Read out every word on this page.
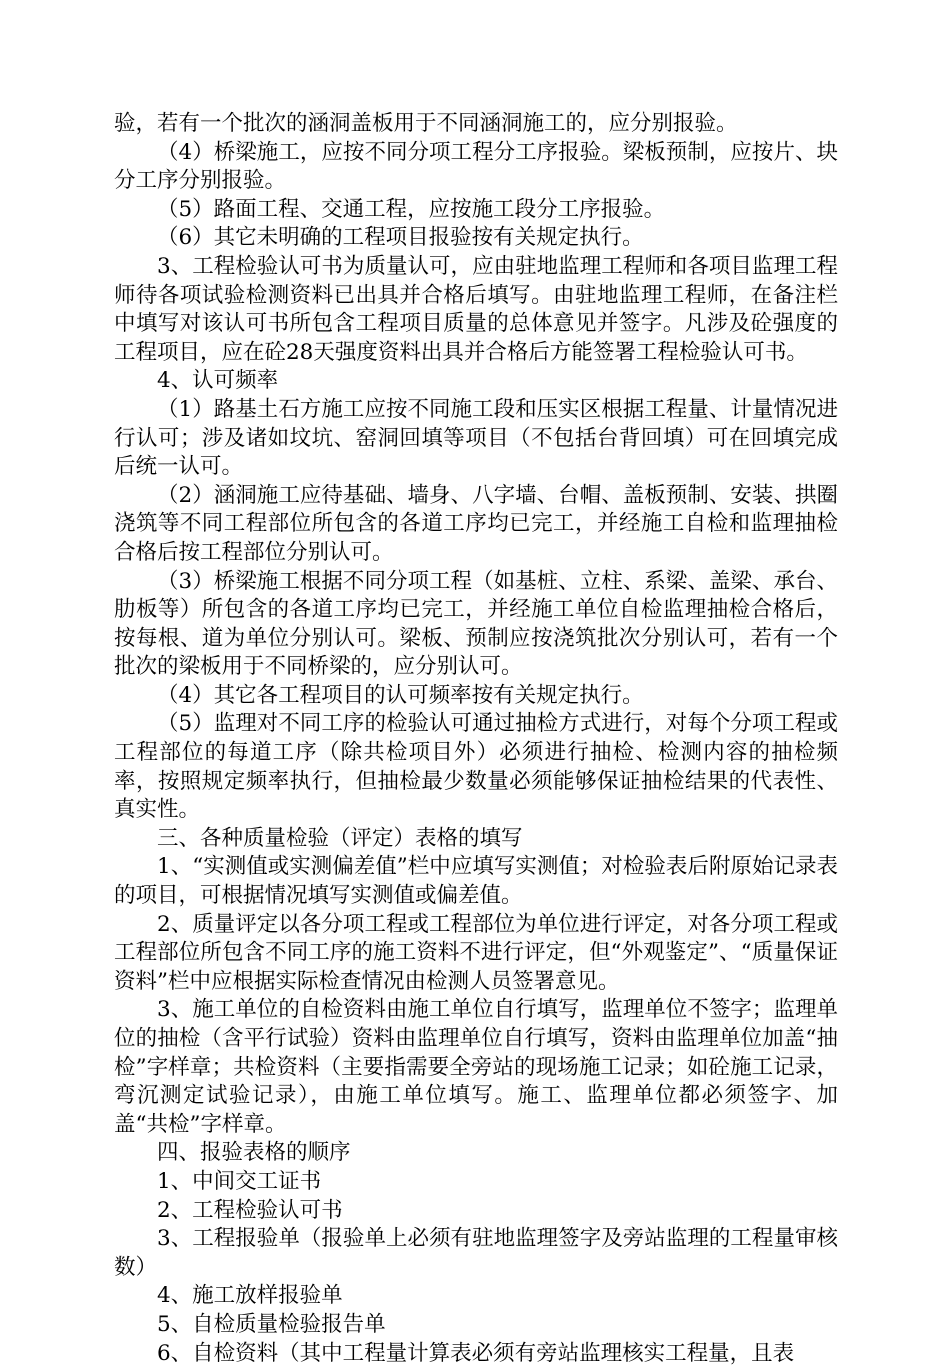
验，若有一个批次的涵洞盖板用于不同涵洞施工的，应分别报验。

（4）桥梁施工，应按不同分项工程分工序报验。梁板预制，应按片、块分工序分别报验。

（5）路面工程、交通工程，应按施工段分工序报验。

（6）其它未明确的工程项目报验按有关规定执行。

3、工程检验认可书为质量认可，应由驻地监理工程师和各项目监理工程师待各项试验检测资料已出具并合格后填写。由驻地监理工程师，在备注栏中填写对该认可书所包含工程项目质量的总体意见并签字。凡涉及砼强度的工程项目，应在砼28天强度资料出具并合格后方能签署工程检验认可书。

4、认可频率

（1）路基土石方施工应按不同施工段和压实区根据工程量、计量情况进行认可；涉及诸如坟坑、窑洞回填等项目（不包括台背回填）可在回填完成后统一认可。

（2）涵洞施工应待基础、墙身、八字墙、台帽、盖板预制、安装、拱圈浇筑等不同工程部位所包含的各道工序均已完工，并经施工自检和监理抽检合格后按工程部位分别认可。

（3）桥梁施工根据不同分项工程（如基桩、立柱、系梁、盖梁、承台、肋板等）所包含的各道工序均已完工，并经施工单位自检监理抽检合格后，按每根、道为单位分别认可。梁板、预制应按浇筑批次分别认可，若有一个批次的梁板用于不同桥梁的，应分别认可。

（4）其它各工程项目的认可频率按有关规定执行。

（5）监理对不同工序的检验认可通过抽检方式进行，对每个分项工程或工程部位的每道工序（除共检项目外）必须进行抽检、检测内容的抽检频率，按照规定频率执行，但抽检最少数量必须能够保证抽检结果的代表性、真实性。

三、各种质量检验（评定）表格的填写

1、“实测值或实测偏差值”栏中应填写实测值；对检验表后附原始记录表的项目，可根据情况填写实测值或偏差值。

2、质量评定以各分项工程或工程部位为单位进行评定，对各分项工程或工程部位所包含不同工序的施工资料不进行评定，但“外观鉴定”、“质量保证资料”栏中应根据实际检查情况由检测人员签署意见。

3、施工单位的自检资料由施工单位自行填写，监理单位不签字；监理单位的抽检（含平行试验）资料由监理单位自行填写，资料由监理单位加盖“抽检”字样章；共检资料（主要指需要全旁站的现场施工记录；如砼施工记录，弯沉测定试验记录），由施工单位填写。施工、监理单位都必须签字、加盖“共检”字样章。

四、报验表格的顺序

1、中间交工证书

2、工程检验认可书

3、工程报验单（报验单上必须有驻地监理签字及旁站监理的工程量审核数）

4、施工放样报验单

5、自检质量检验报告单

6、自检资料（其中工程量计算表必须有旁站监理核实工程量，且表
